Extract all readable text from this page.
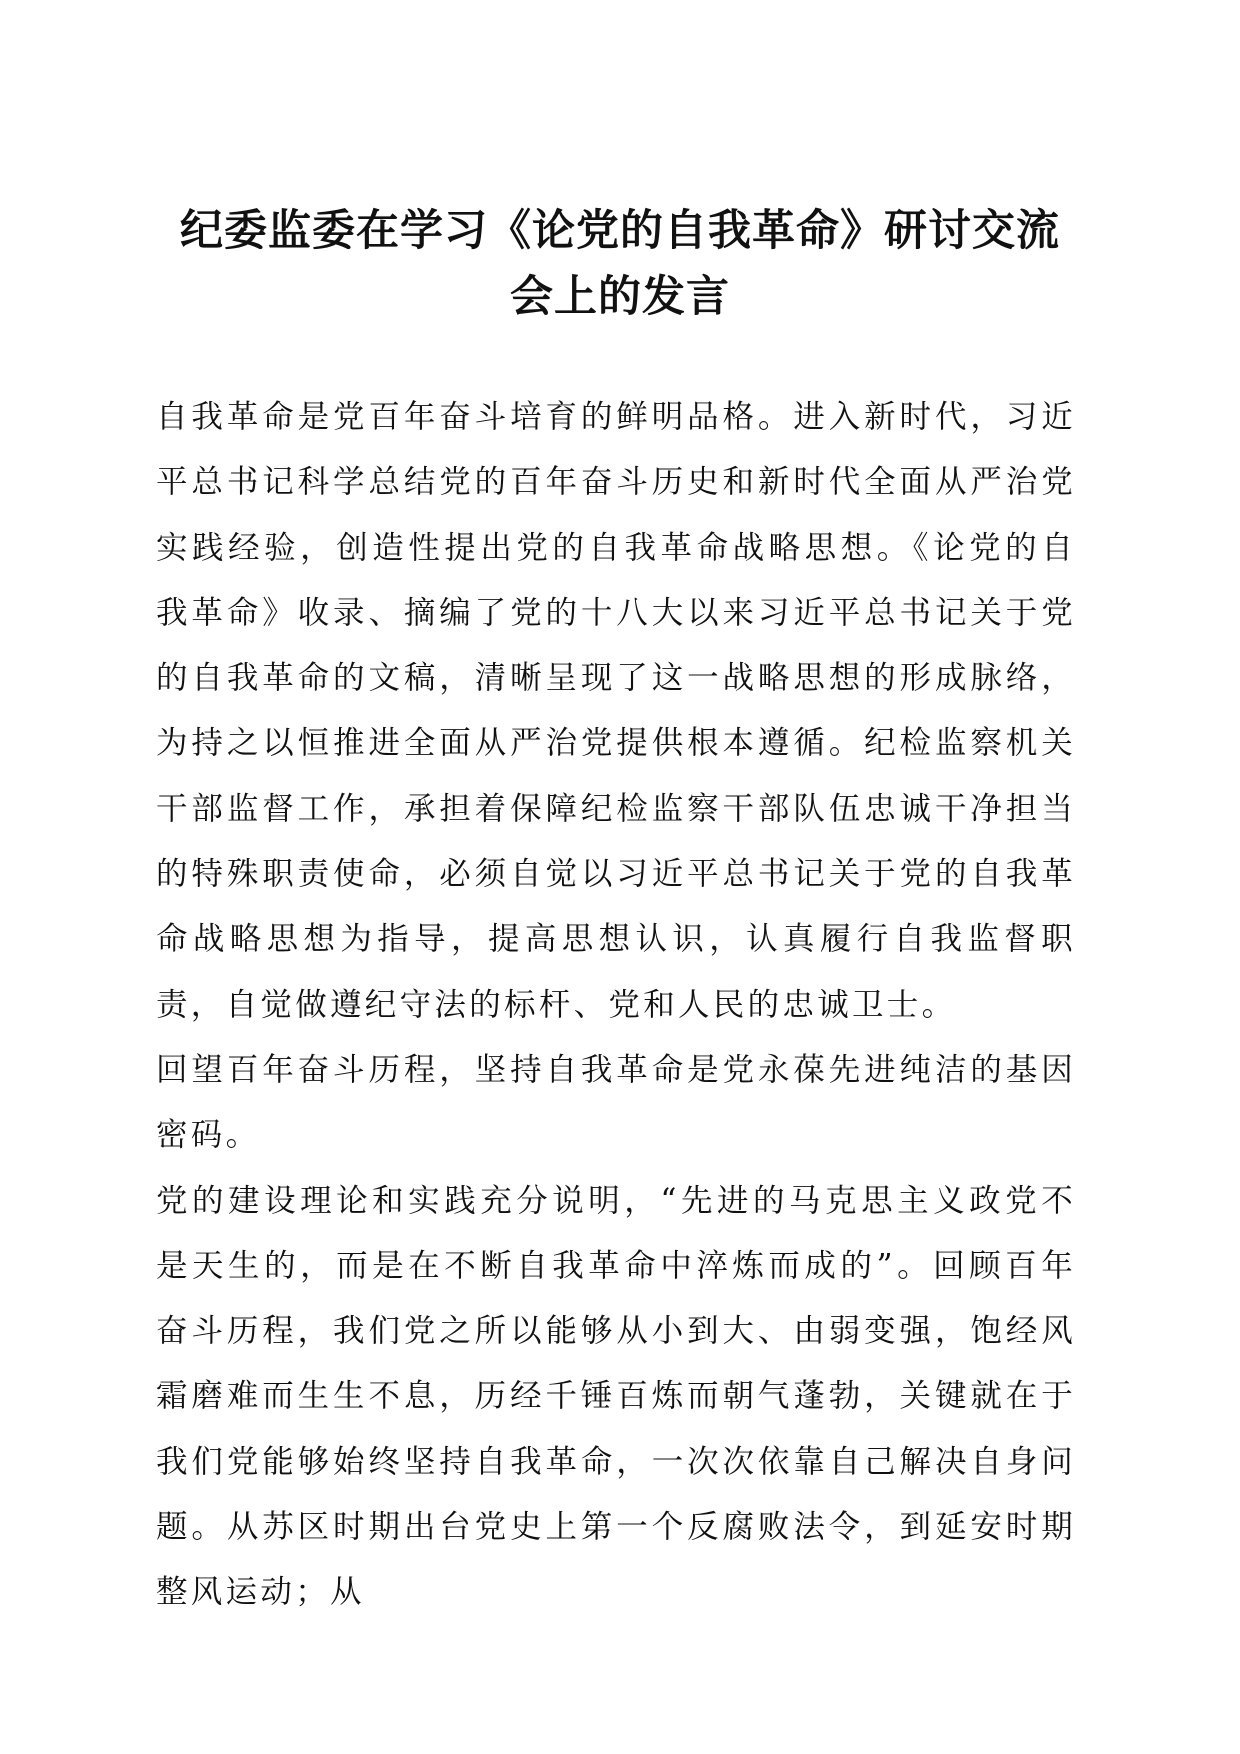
纪委监委在学习《论党的自我革命》研讨交流
会上的发言

自我革命是党百年奋斗培育的鲜明品格。进入新时代，习近平总书记科学总结党的百年奋斗历史和新时代全面从严治党实践经验，创造性提出党的自我革命战略思想。《论党的自我革命》收录、摘编了党的十八大以来习近平总书记关于党的自我革命的文稿，清晰呈现了这一战略思想的形成脉络，为持之以恒推进全面从严治党提供根本遵循。纪检监察机关干部监督工作，承担着保障纪检监察干部队伍忠诚干净担当的特殊职责使命，必须自觉以习近平总书记关于党的自我革命战略思想为指导，提高思想认识，认真履行自我监督职责，自觉做遵纪守法的标杆、党和人民的忠诚卫士。

回望百年奋斗历程，坚持自我革命是党永葆先进纯洁的基因密码。

党的建设理论和实践充分说明，“先进的马克思主义政党不是天生的，而是在不断自我革命中淬炼而成的”。回顾百年奋斗历程，我们党之所以能够从小到大、由弱变强，饱经风霜磨难而生生不息，历经千锤百炼而朝气蓬勃，关键就在于我们党能够始终坚持自我革命，一次次依靠自己解决自身问题。从苏区时期出台党史上第一个反腐败法令，到延安时期整风运动；从
